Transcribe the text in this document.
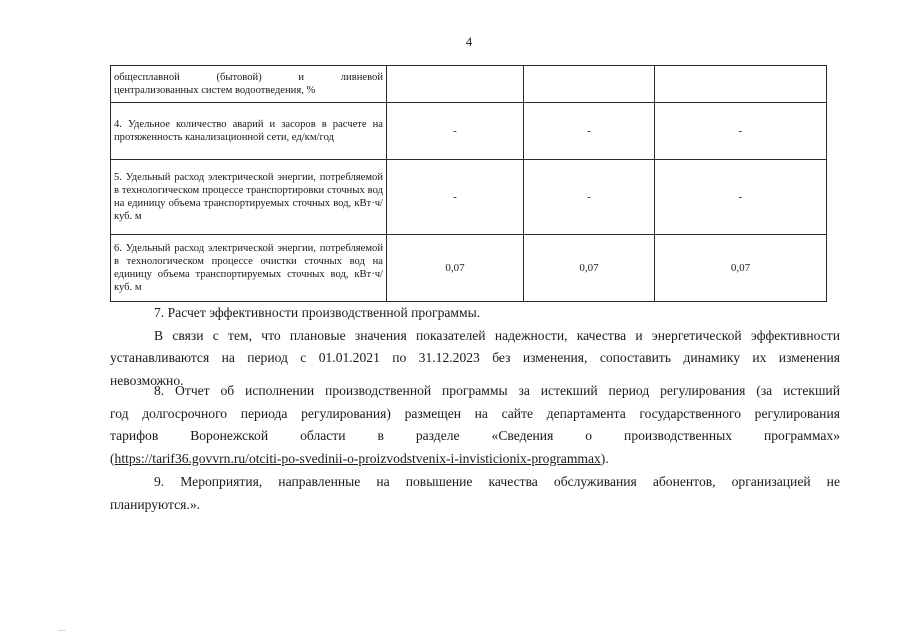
4
общесплавной (бытовой) и ливневой
централизованных систем водоотведения, %			
4. Удельное количество аварий и засоров в расчете на протяженность канализационной сети, ед/км/год	-	-	-
5. Удельный расход электрической энергии, потребляемой в технологическом процессе транспортировки сточных вод на единицу объема транспортируемых сточных вод, кВт·ч/куб. м	-	-	-
6. Удельный расход электрической энергии, потребляемой в технологическом процессе очистки сточных вод на единицу объема транспортируемых сточных вод, кВт·ч/куб. м	0,07	0,07	0,07
7. Расчет эффективности производственной программы.
В связи с тем, что плановые значения показателей надежности, качества и энергетической эффективности
устанавливаются на период с 01.01.2021 по 31.12.2023 без изменения, сопоставить динамику их изменения
невозможно.
8. Отчет об исполнении производственной программы за истекший период регулирования (за истекший
год долгосрочного периода регулирования) размещен на сайте департамента государственного регулирования
тарифов Воронежской области в разделе «Сведения о производственных программах»
(https://tarif36.govvrn.ru/otciti-po-svedinii-o-proizvodstvenix-i-invisticionix-programmax).
9. Мероприятия, направленные на повышение качества обслуживания абонентов, организацией не
планируются.».
